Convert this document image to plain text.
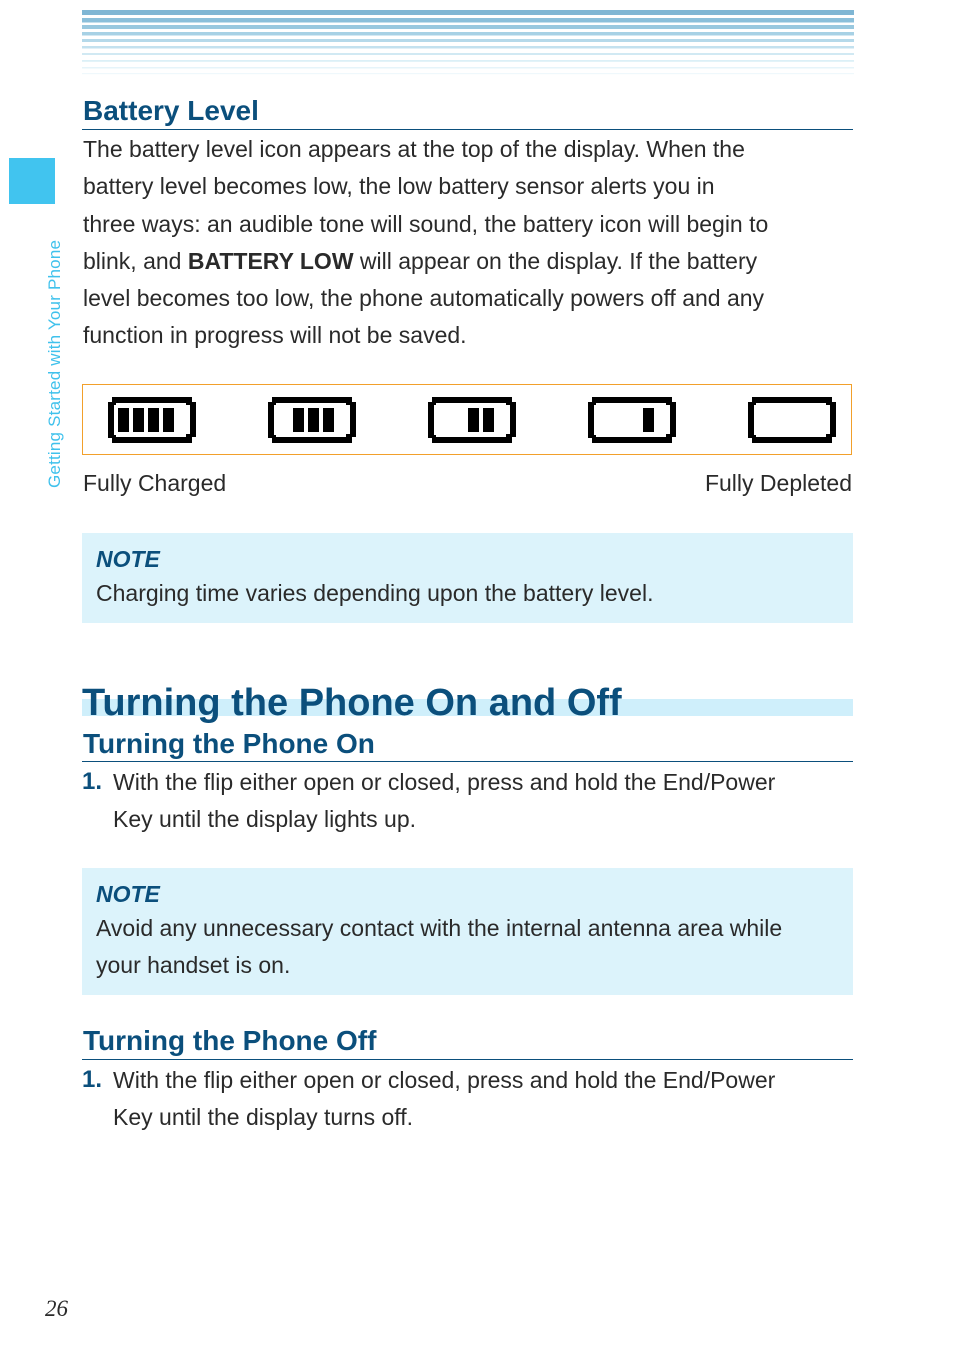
Getting Started with Your Phone
Battery Level
The battery level icon appears at the top of the display. When the
battery level becomes low, the low battery sensor alerts you in
three ways: an audible tone will sound, the battery icon will begin to
blink, and BATTERY LOW will appear on the display. If the battery
level becomes too low, the phone automatically powers off and any
function in progress will not be saved.
Fully Charged	Fully Depleted
NOTE
Charging time varies depending upon the battery level.
Turning the Phone On and Off
Turning the Phone On
1. With the flip either open or closed, press and hold the End/Power
Key until the display lights up.
NOTE
Avoid any unnecessary contact with the internal antenna area while
your handset is on.
Turning the Phone Off
1. With the flip either open or closed, press and hold the End/Power
Key until the display turns off.
26
